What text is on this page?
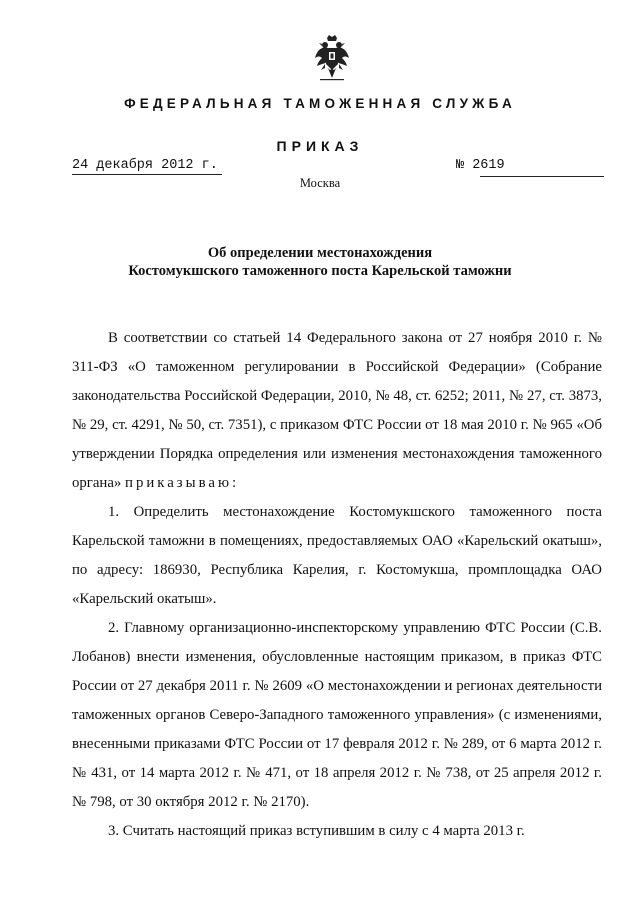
ФЕДЕРАЛЬНАЯ ТАМОЖЕННАЯ СЛУЖБА
ПРИКАЗ
24 декабря 2012 г.	№ 2619
Москва
Об определении местонахождения
Костомукшского таможенного поста Карельской таможни

В соответствии со статьей 14 Федерального закона от 27 ноября 2010 г. № 311-ФЗ «О таможенном регулировании в Российской Федерации» (Собрание законодательства Российской Федерации, 2010, № 48, ст. 6252; 2011, № 27, ст. 3873, № 29, ст. 4291, № 50, ст. 7351), с приказом ФТС России от 18 мая 2010 г. № 965 «Об утверждении Порядка определения или изменения местонахождения таможенного органа» приказываю:

1. Определить местонахождение Костомукшского таможенного поста Карельской таможни в помещениях, предоставляемых ОАО «Карельский окатыш», по адресу: 186930, Республика Карелия, г. Костомукша, промплощадка ОАО «Карельский окатыш».

2. Главному организационно-инспекторскому управлению ФТС России (С.В. Лобанов) внести изменения, обусловленные настоящим приказом, в приказ ФТС России от 27 декабря 2011 г. № 2609 «О местонахождении и регионах деятельности таможенных органов Северо-Западного таможенного управления» (с изменениями, внесенными приказами ФТС России от 17 февраля 2012 г. № 289, от 6 марта 2012 г. № 431, от 14 марта 2012 г. № 471, от 18 апреля 2012 г. № 738, от 25 апреля 2012 г. № 798, от 30 октября 2012 г. № 2170).

3. Считать настоящий приказ вступившим в силу с 4 марта 2013 г.
